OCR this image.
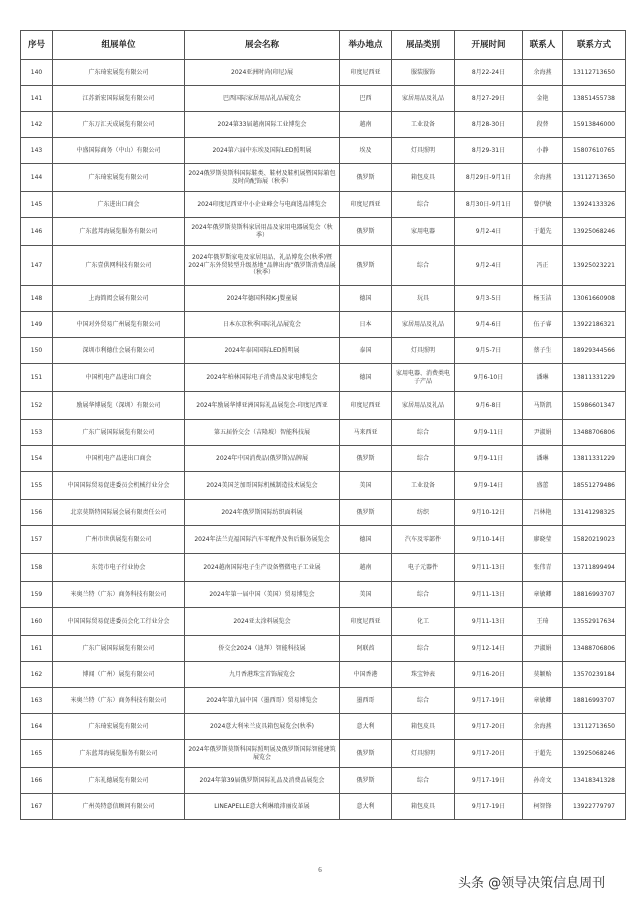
序号	组展单位	展会名称	举办地点	展品类别	开展时间	联系人	联系方式
140	广东琦宏展览有限公司	2024亚洲时尚(印尼)展	印度尼西亚	服装服饰	8月22-24日	余海燕	13112713650
141	江苏新宏国际展览有限公司	巴西国际家居用品礼品展览会	巴西	家居用品及礼品	8月27-29日	金艳	13851455738
142	广东万汇天成展览有限公司	2024第33届越南国际工业博览会	越南	工业设备	8月28-30日	段替	15913846000
143	中盛国际商务（中山）有限公司	2024第六届中东埃及国际LED照明展	埃及	灯具照明	8月29-31日	小静	15807610765
144	广东琦宏展览有限公司	2024俄罗斯莫斯科国际鞋类、鞋材及鞋机展暨国际箱包及时尚配饰展（秋季）	俄罗斯	箱包皮具	8月29日-9月1日	余海燕	13112713650
145	广东进出口商会	2024印度尼西亚中小企业峰会与电商选品博览会	印度尼西亚	综合	8月30日-9月1日	曾伊敏	13924133326
146	广东蓝邦海展览服务有限公司	2024年俄罗斯莫斯科家居用品及家用电器展览会（秋季）	俄罗斯	家用电器	9月2-4日	于超先	13925068246
147	广东壹供网科技有限公司	2024年俄罗斯家电及家居用品、礼品博览会(秋季)暨2024广东外贸转型升级基地“品牌出海”俄罗斯消费品展（秋季）	俄罗斯	综合	9月2-4日	冯正	13925023221
148	上海简闳会展有限公司	2024年德国科隆K-J婴童展	德国	玩具	9月3-5日	杨玉洁	13061660908
149	中国对外贸易广州展览有限公司	日本东京秋季国际礼品展览会	日本	家居用品及礼品	9月4-6日	伍子睿	13922186321
150	深圳市利德仕会展有限公司	2024年泰国国际LED照明展	泰国	灯具照明	9月5-7日	蔡子生	18929344566
151	中国机电产品进出口商会	2024年柏林国际电子消费品及家电博览会	德国	家用电器、消费类电子产品	9月6-10日	潘琳	13811331229
152	励展华博展览（深圳）有限公司	2024年励展华博亚洲国际礼品展览会-印度尼西亚	印度尼西亚	家居用品及礼品	9月6-8日	马斯凯	15986601347
153	广东广展国际展览有限公司	第五届侨交会（吉隆坡）智能科技展	马来西亚	综合	9月9-11日	尹淑娟	13488706806
154	中国机电产品进出口商会	2024年中国消费品(俄罗斯)品牌展	俄罗斯	综合	9月9-11日	潘琳	13811331229
155	中国国际贸易促进委员会机械行业分会	2024美国芝加哥国际机械制造技术展览会	美国	工业设备	9月9-14日	盛蕾	18551279486
156	北京莫斯特国际展会展有限责任公司	2024年俄罗斯国际纺织面料展	俄罗斯	纺织	9月10-12日	吕林艳	13141298325
157	广州市世供展览有限公司	2024年法兰克福国际汽车零配件及售后服务展览会	德国	汽车及零部件	9月10-14日	廖晓莹	15820219023
158	东莞市电子行业协会	2024越南国际电子生产设备暨微电子工业展	越南	电子元器件	9月11-13日	张伟青	13711899494
159	米奥兰特（广东）商务科技有限公司	2024年第一届中国（美国）贸易博览会	美国	综合	9月11-13日	章敏卿	18816993707
160	中国国际贸易促进委员会化工行业分会	2024亚太涂料展览会	印度尼西亚	化工	9月11-13日	王琦	13552917634
161	广东广展国际展览有限公司	侨交会2024（迪拜）智能科技展	阿联酋	综合	9月12-14日	尹淑娟	13488706806
162	博闻（广州）展览有限公司	九月香港珠宝首饰展览会	中国香港	珠宝钟表	9月16-20日	莫颖贻	13570239184
163	米奥兰特（广东）商务科技有限公司	2024年第九届中国（墨西哥）贸易博览会	墨西哥	综合	9月17-19日	章敏卿	18816993707
164	广东琦宏展览有限公司	2024意大利米兰皮具箱包展览会(秋季)	意大利	箱包皮具	9月17-20日	余海燕	13112713650
165	广东蓝邦海展览服务有限公司	2024年俄罗斯莫斯科国际照明展及俄罗斯国际智能建筑展览会	俄罗斯	灯具照明	9月17-20日	于超先	13925068246
166	广东礼德展览有限公司	2024年第39届俄罗斯国际礼品及消费品展览会	俄罗斯	综合	9月17-19日	孙奇文	13418341328
167	广州英特意信顾问有限公司	LINEAPELLE意大利琳琅沛丽皮革展	意大利	箱包皮具	9月17-19日	柯智锋	13922779797
6
头条 @领导决策信息周刊
